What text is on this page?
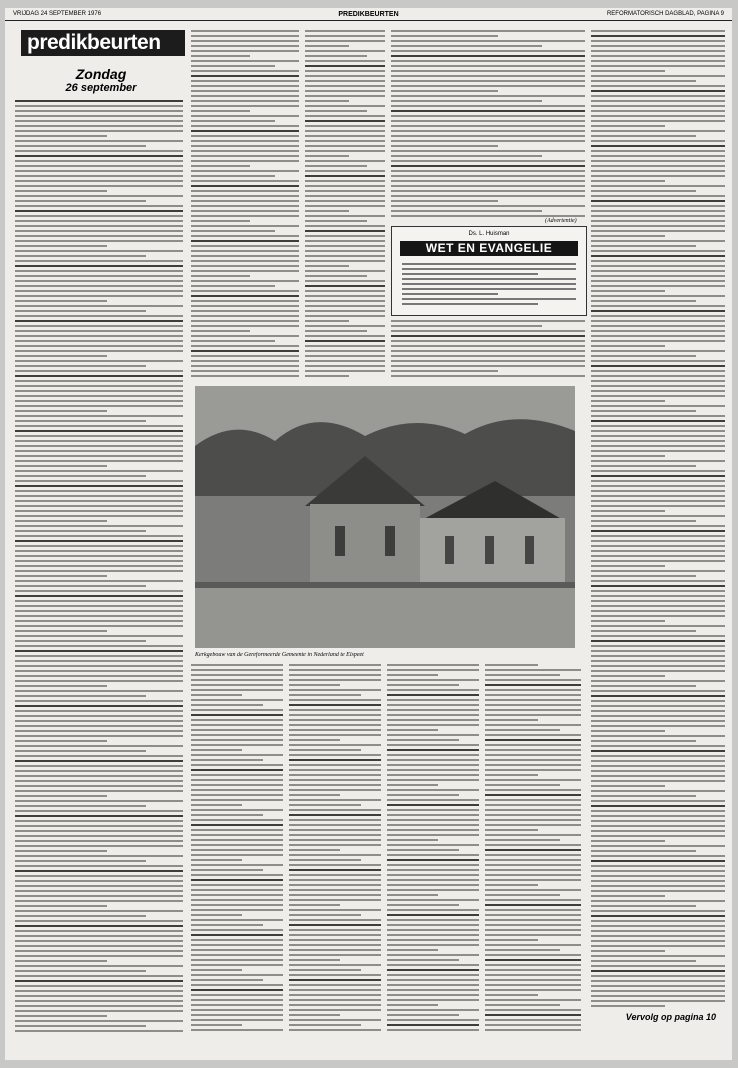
VRIJDAG 24 SEPTEMBER 1976	PREDIKBEURTEN	REFORMATORISCH DAGBLAD, PAGINA 9
predikbeurten
Zondag
26 september
Ds. L. Huisman
WET EN EVANGELIE
(Advertentie)
Kerkgebouw van de Gereformeerde Gemeente in Nederland te Elspeet
Vervolg op pagina 10
